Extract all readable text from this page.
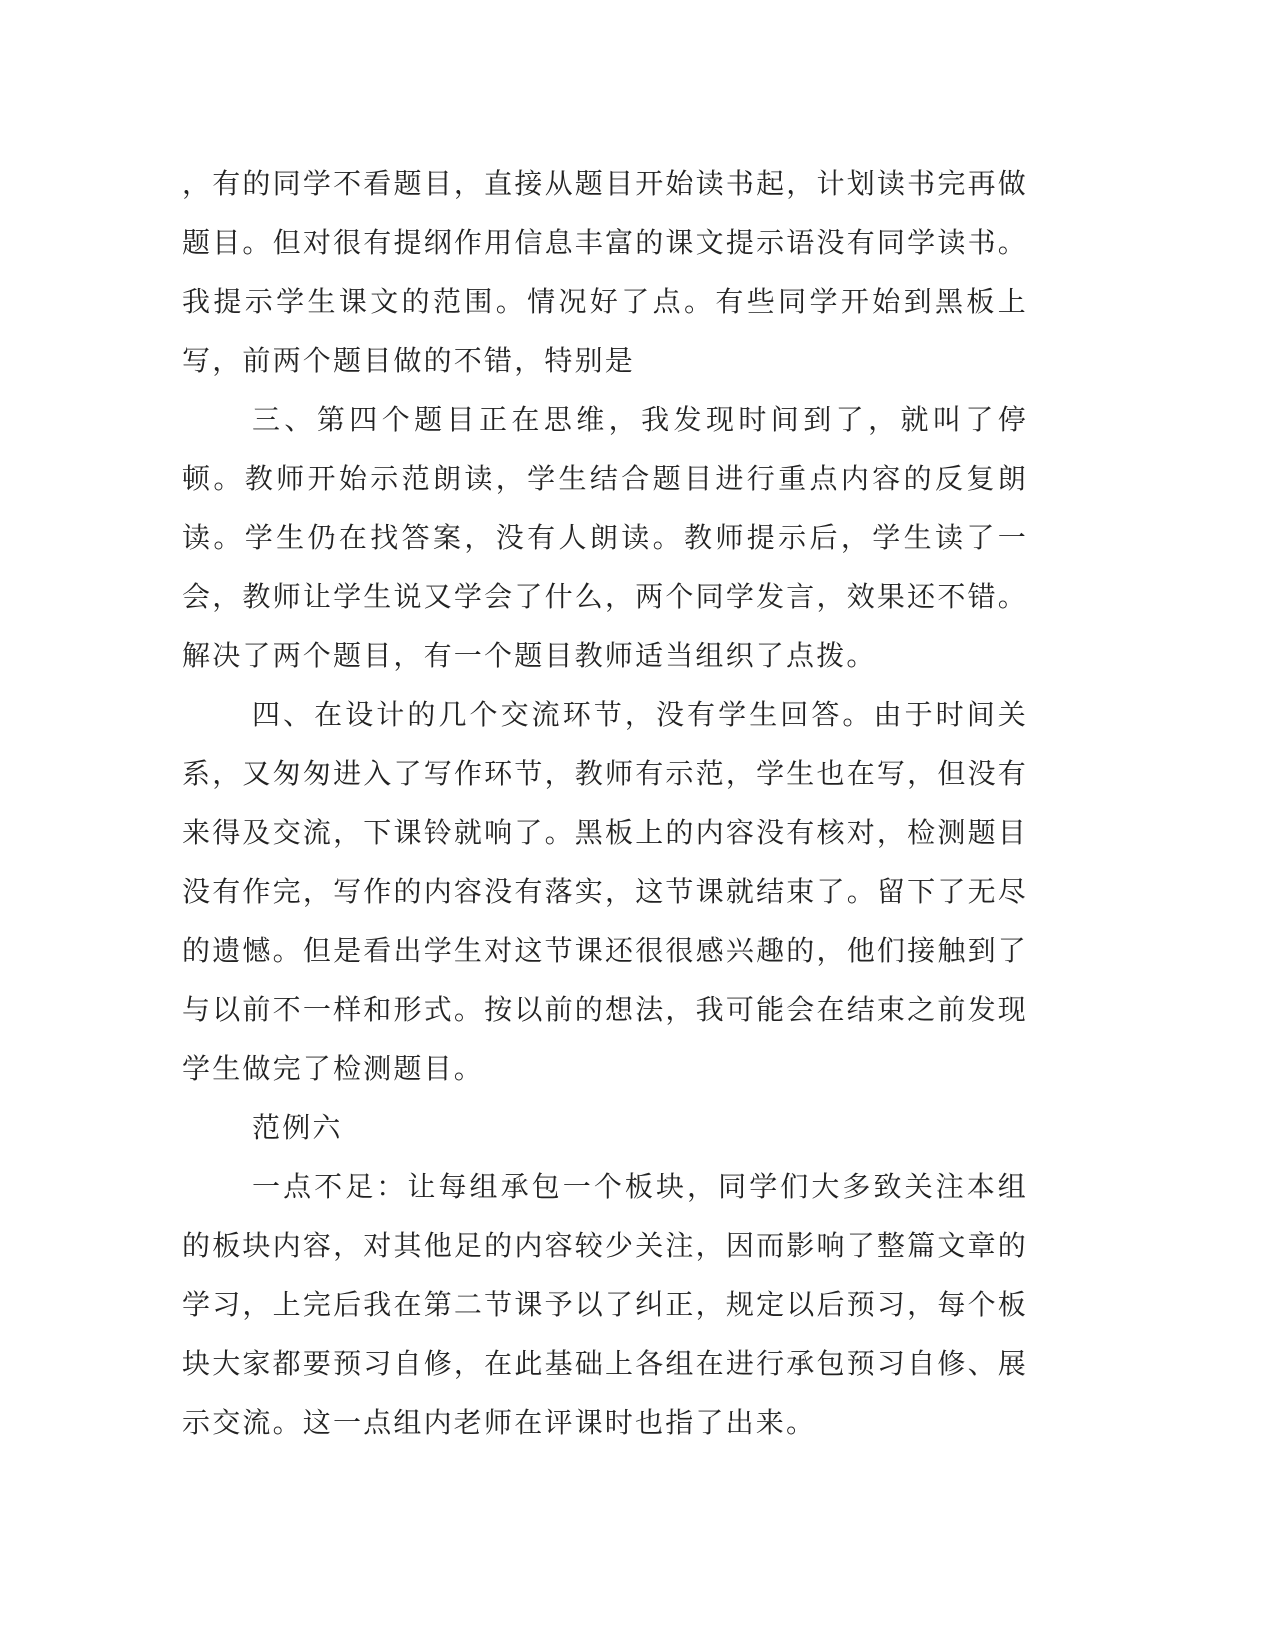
，有的同学不看题目，直接从题目开始读书起，计划读书完再做题目。但对很有提纲作用信息丰富的课文提示语没有同学读书。我提示学生课文的范围。情况好了点。有些同学开始到黑板上写，前两个题目做的不错，特别是

三、第四个题目正在思维，我发现时间到了，就叫了停顿。教师开始示范朗读，学生结合题目进行重点内容的反复朗读。学生仍在找答案，没有人朗读。教师提示后，学生读了一会，教师让学生说又学会了什么，两个同学发言，效果还不错。解决了两个题目，有一个题目教师适当组织了点拨。

四、在设计的几个交流环节，没有学生回答。由于时间关系，又匆匆进入了写作环节，教师有示范，学生也在写，但没有来得及交流，下课铃就响了。黑板上的内容没有核对，检测题目没有作完，写作的内容没有落实，这节课就结束了。留下了无尽的遗憾。但是看出学生对这节课还很很感兴趣的，他们接触到了与以前不一样和形式。按以前的想法，我可能会在结束之前发现学生做完了检测题目。

范例六

一点不足：让每组承包一个板块，同学们大多致关注本组的板块内容，对其他足的内容较少关注，因而影响了整篇文章的学习，上完后我在第二节课予以了纠正，规定以后预习，每个板块大家都要预习自修，在此基础上各组在进行承包预习自修、展示交流。这一点组内老师在评课时也指了出来。
